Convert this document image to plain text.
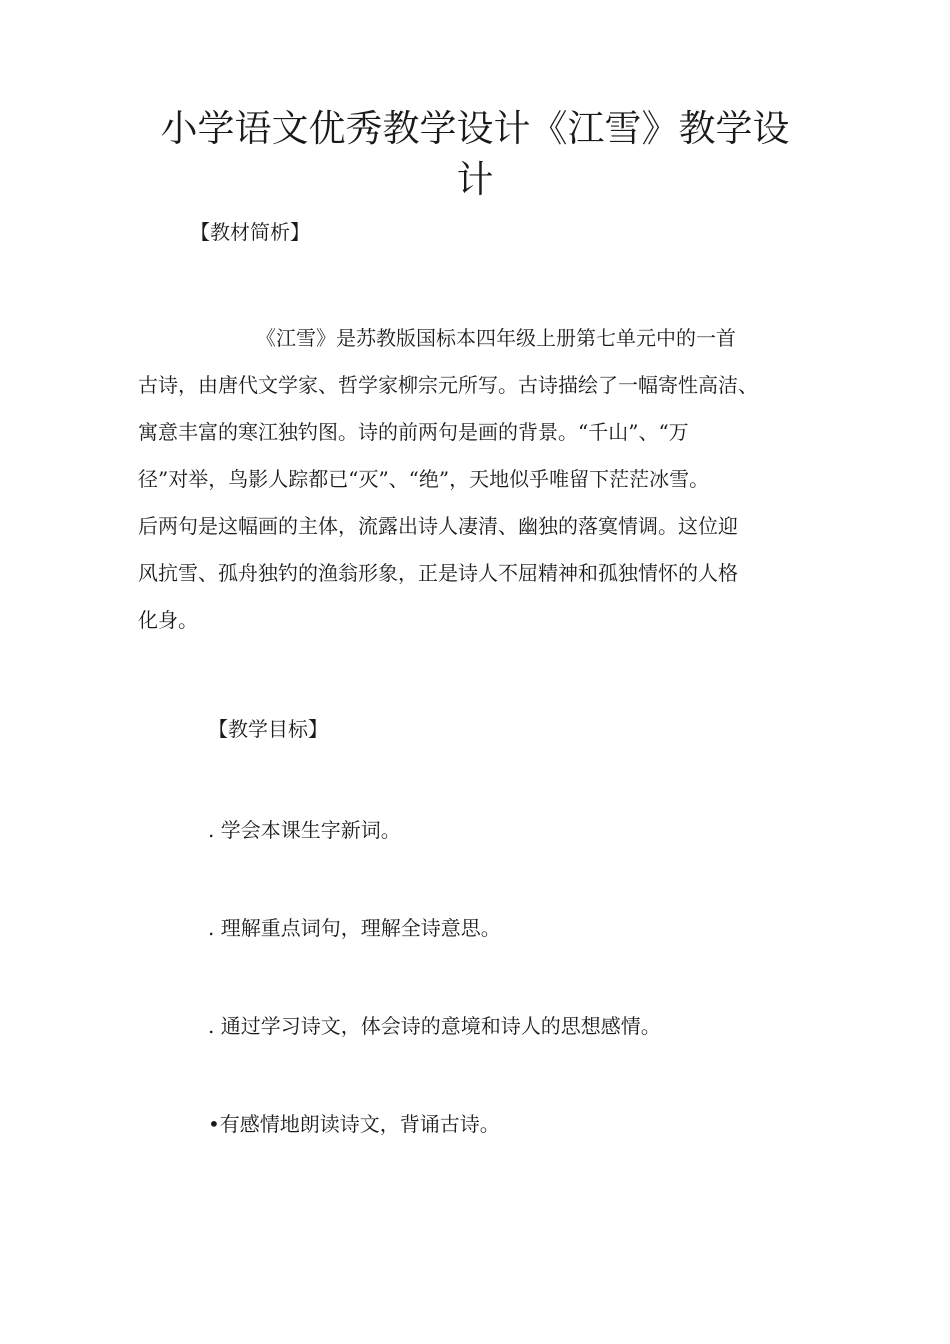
小学语文优秀教学设计《江雪》教学设
计

【教材简析】

《江雪》是苏教版国标本四年级上册第七单元中的一首
古诗，由唐代文学家、哲学家柳宗元所写。古诗描绘了一幅寄性高洁、
寓意丰富的寒江独钓图。诗的前两句是画的背景。“千山”、“万
径”对举，鸟影人踪都已“灭”、“绝”，天地似乎唯留下茫茫冰雪。
后两句是这幅画的主体，流露出诗人凄清、幽独的落寞情调。这位迎
风抗雪、孤舟独钓的渔翁形象，正是诗人不屈精神和孤独情怀的人格
化身。

【教学目标】

. 学会本课生字新词。

. 理解重点词句，理解全诗意思。

. 通过学习诗文，体会诗的意境和诗人的思想感情。

•有感情地朗读诗文，背诵古诗。
